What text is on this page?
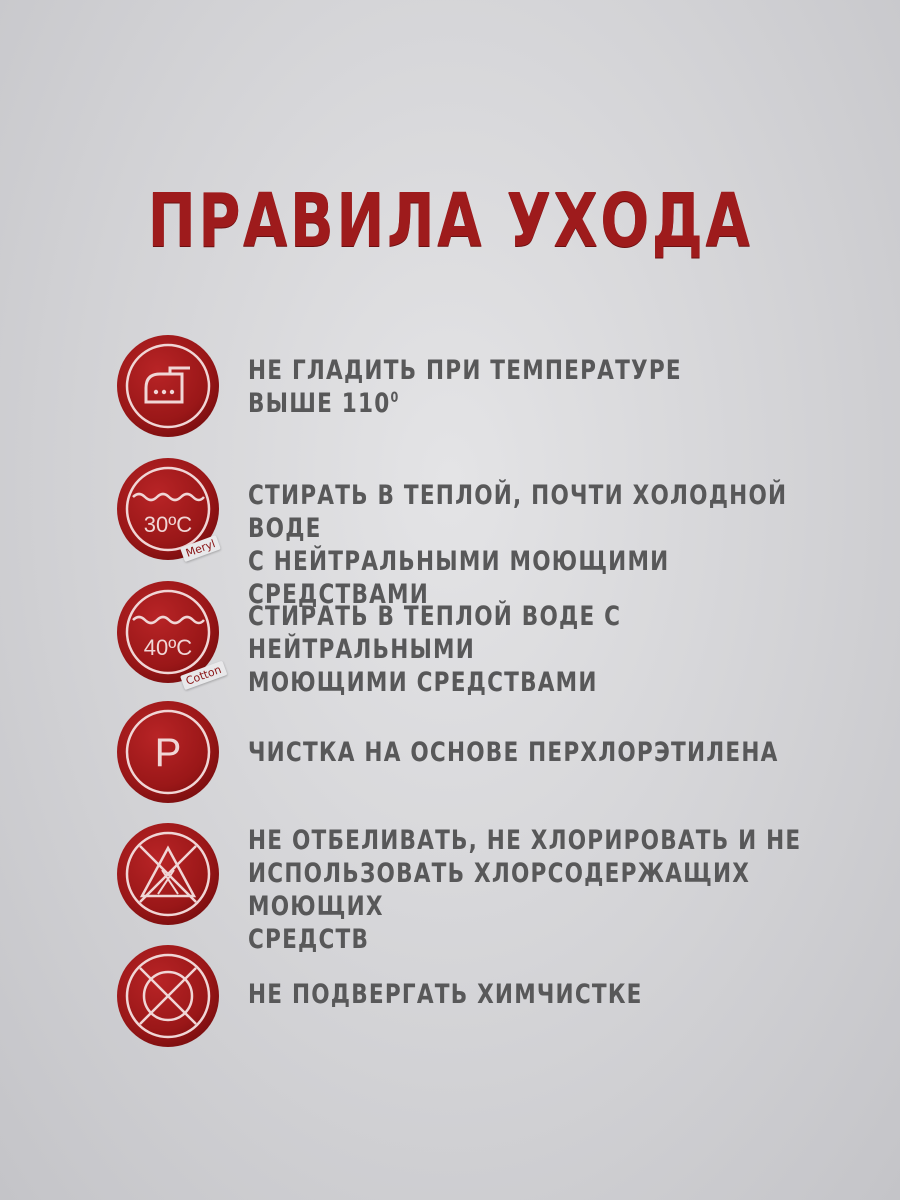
ПРАВИЛА УХОДА
НЕ ГЛАДИТЬ ПРИ ТЕМПЕРАТУРЕ
ВЫШЕ $110^0$
30ºC
Meryl
СТИРАТЬ В ТЕПЛОЙ, ПОЧТИ ХОЛОДНОЙ ВОДЕ
С НЕЙТРАЛЬНЫМИ МОЮЩИМИ СРЕДСТВАМИ
40ºC
Cotton
СТИРАТЬ В ТЕПЛОЙ ВОДЕ С НЕЙТРАЛЬНЫМИ
МОЮЩИМИ СРЕДСТВАМИ
P ЧИСТКА НА ОСНОВЕ ПЕРХЛОРЭТИЛЕНА
НЕ ОТБЕЛИВАТЬ, НЕ ХЛОРИРОВАТЬ И НЕ
ИСПОЛЬЗОВАТЬ ХЛОРСОДЕРЖАЩИХ МОЮЩИХ
СРЕДСТВ
НЕ ПОДВЕРГАТЬ ХИМЧИСТКЕ
